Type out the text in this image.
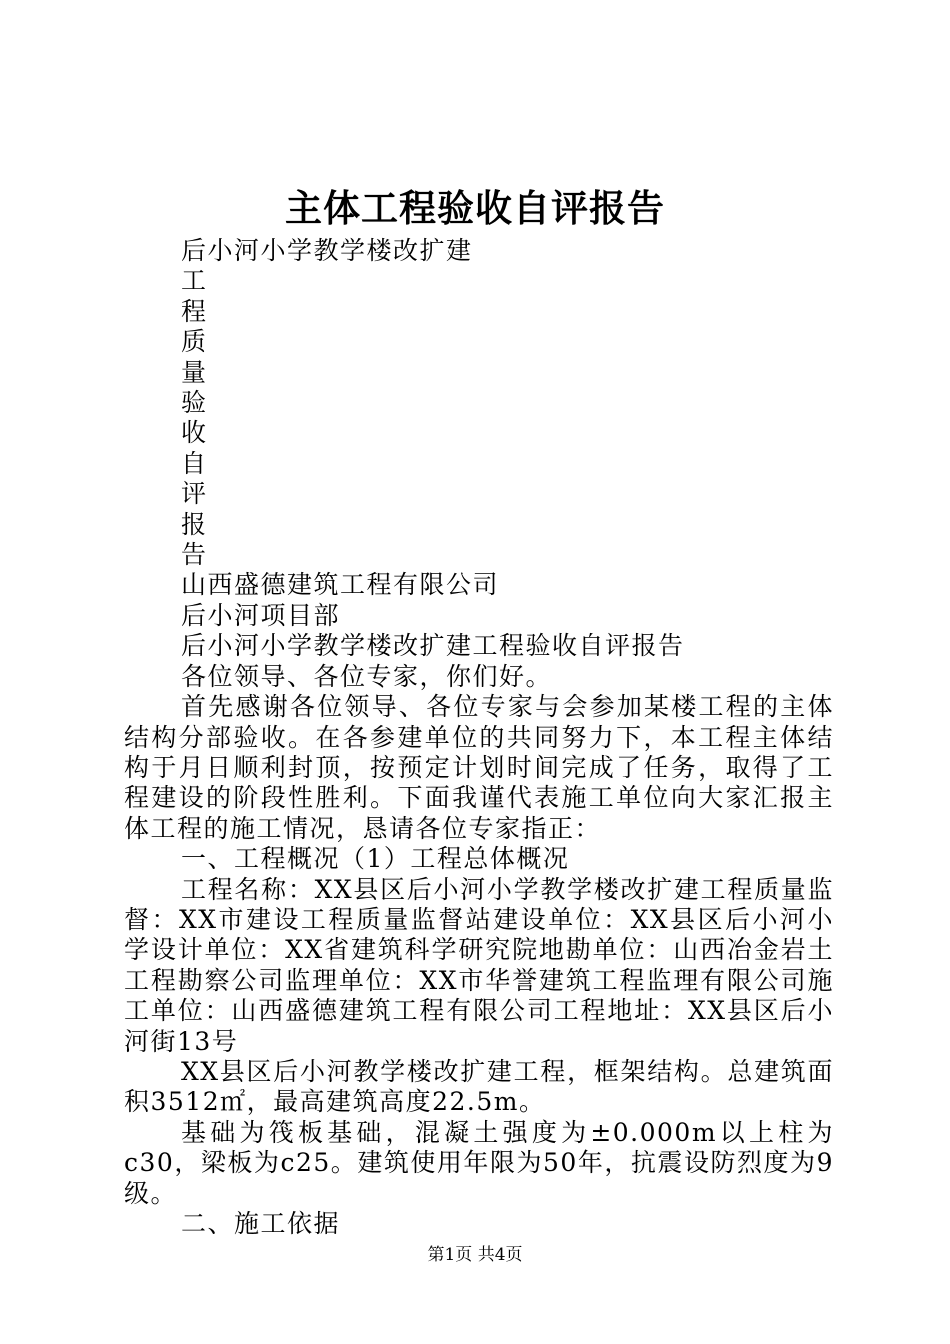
主体工程验收自评报告

后小河小学教学楼改扩建

工

程

质

量

验

收

自

评

报

告

山西盛德建筑工程有限公司

后小河项目部

后小河小学教学楼改扩建工程验收自评报告

各位领导、各位专家，你们好。

首先感谢各位领导、各位专家与会参加某楼工程的主体结构分部验收。在各参建单位的共同努力下，本工程主体结构于月日顺利封顶，按预定计划时间完成了任务，取得了工程建设的阶段性胜利。下面我谨代表施工单位向大家汇报主体工程的施工情况，恳请各位专家指正：

一、工程概况（1）工程总体概况

工程名称：XX县区后小河小学教学楼改扩建工程质量监督：XX市建设工程质量监督站建设单位：XX县区后小河小学设计单位：XX省建筑科学研究院地勘单位：山西冶金岩土工程勘察公司监理单位：XX市华誉建筑工程监理有限公司施工单位：山西盛德建筑工程有限公司工程地址：XX县区后小河街13号

XX县区后小河教学楼改扩建工程，框架结构。总建筑面积3512㎡，最高建筑高度22.5m。

基础为筏板基础，混凝土强度为±0.000m以上柱为c30，梁板为c25。建筑使用年限为50年，抗震设防烈度为9级。

二、施工依据

第1页 共4页
